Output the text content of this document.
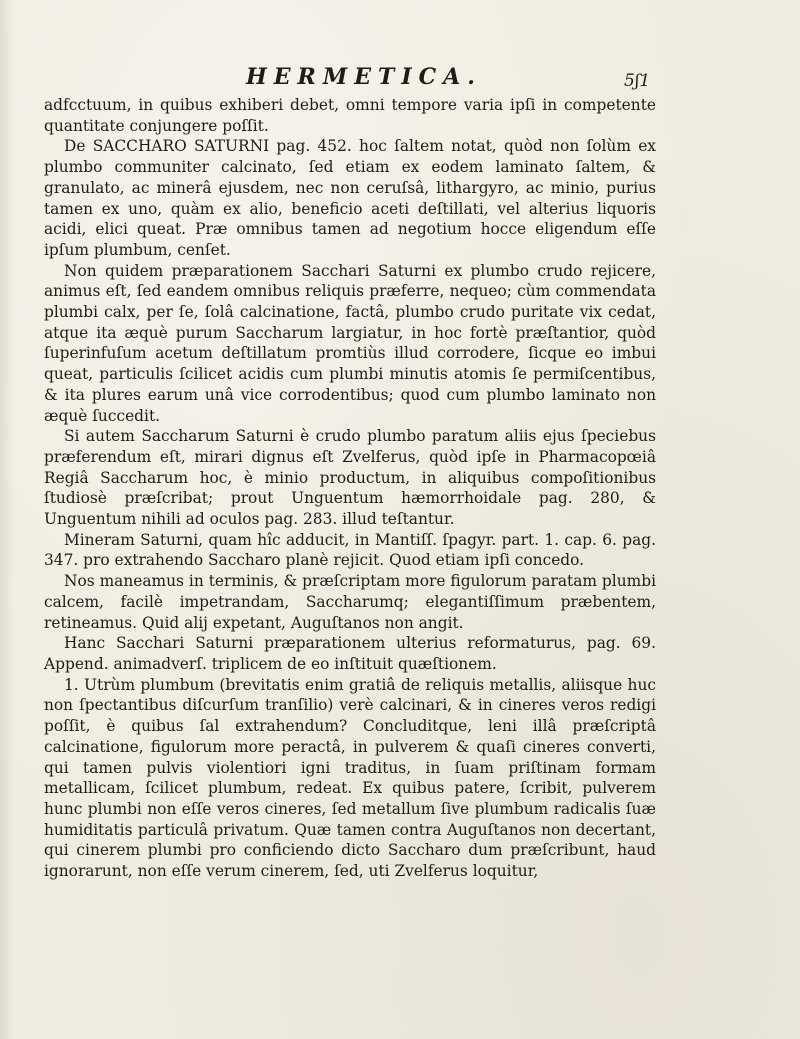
HERMETICA.	5ʃ1

adfcctuum, in quibus exhiberi debet, omni tempore varia ipſi in competente quantitate conjungere poſſit.

De SACCHARO SATURNI pag. 452. hoc ſaltem notat, quòd non ſolùm ex plumbo communiter calcinato, ſed etiam ex eodem laminato ſaltem, & granulato, ac minerâ ejusdem, nec non ceruſsâ, lithargyro, ac minio, purius tamen ex uno, quàm ex alio, beneficio aceti deſtillati, vel alterius liquoris acidi, elici queat. Præ omnibus tamen ad negotium hocce eligendum eſſe ipſum plumbum, cenſet.

Non quidem præparationem Sacchari Saturni ex plumbo crudo rejicere, animus eſt, ſed eandem omnibus reliquis præferre, nequeo; cùm commendata plumbi calx, per ſe, ſolâ calcinatione, factâ, plumbo crudo puritate vix cedat, atque ita æquè purum Saccharum largiatur, in hoc fortè præſtantior, quòd ſuperinfuſum acetum deſtillatum promtiùs illud corrodere, ſicque eo imbui queat, particulis ſcilicet acidis cum plumbi minutis atomis ſe permiſcentibus, & ita plures earum unâ vice corrodentibus; quod cum plumbo laminato non æquè ſuccedit.

Si autem Saccharum Saturni è crudo plumbo paratum aliis ejus ſpeciebus præferendum eſt, mirari dignus eſt Zvelferus, quòd ipſe in Pharmacopœiâ Regiâ Saccharum hoc, è minio productum, in aliquibus compoſitionibus ſtudiosè præſcribat; prout Unguentum hæmorrhoidale pag. 280, & Unguentum nihili ad oculos pag. 283. illud teſtantur.

Mineram Saturni, quam hîc adducit, in Mantiſſ. ſpagyr. part. 1. cap. 6. pag. 347. pro extrahendo Saccharo planè rejicit. Quod etiam ipſi concedo.

Nos maneamus in terminis, & præſcriptam more figulorum paratam plumbi calcem, facilè impetrandam, Saccharumq; elegantiſſimum præbentem, retineamus. Quid alij expetant, Auguſtanos non angit.

Hanc Sacchari Saturni præparationem ulterius reformaturus, pag. 69. Append. animadverſ. triplicem de eo inſtituit quæſtionem.

1. Utrùm plumbum (brevitatis enim gratiâ de reliquis metallis, aliisque huc non ſpectantibus diſcurſum tranſilio) verè calcinari, & in cineres veros redigi poſſit, è quibus ſal extrahendum? Concluditque, leni illâ præſcriptâ calcinatione, figulorum more peractâ, in pulverem & quaſi cineres converti, qui tamen pulvis violentiori igni traditus, in ſuam priſtinam formam metallicam, ſcilicet plumbum, redeat. Ex quibus patere, ſcribit, pulverem hunc plumbi non eſſe veros cineres, ſed metallum ſive plumbum radicalis ſuæ humiditatis particulâ privatum. Quæ tamen contra Auguſtanos non decertant, qui cinerem plumbi pro conficiendo dicto Saccharo dum præſcribunt, haud ignorarunt, non eſſe verum cinerem, ſed, uti Zvelferus loquitur,
